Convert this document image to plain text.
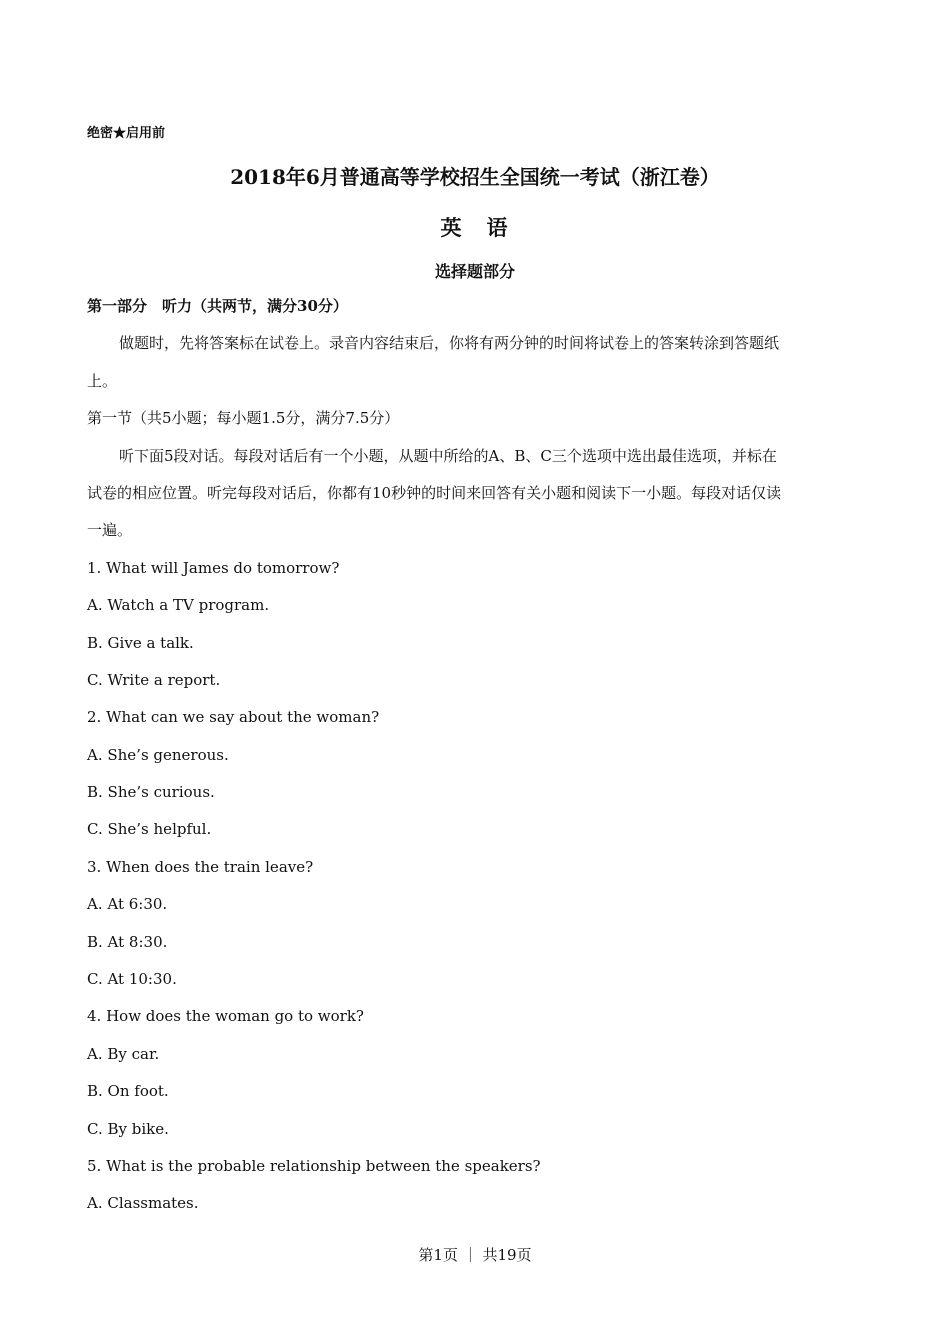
绝密★启用前
2018年6月普通高等学校招生全国统一考试（浙江卷）
英　语
选择题部分
第一部分　听力（共两节，满分30分）
做题时，先将答案标在试卷上。录音内容结束后，你将有两分钟的时间将试卷上的答案转涂到答题纸
上。
第一节（共5小题；每小题1.5分，满分7.5分）
听下面5段对话。每段对话后有一个小题，从题中所给的A、B、C三个选项中选出最佳选项，并标在
试卷的相应位置。听完每段对话后，你都有10秒钟的时间来回答有关小题和阅读下一小题。每段对话仅读
一遍。
1. What will James do tomorrow?
A. Watch a TV program.
B. Give a talk.
C. Write a report.
2. What can we say about the woman?
A. She’s generous.
B. She’s curious.
C. She’s helpful.
3. When does the train leave?
A. At 6:30.
B. At 8:30.
C. At 10:30.
4. How does the woman go to work?
A. By car.
B. On foot.
C. By bike.
5. What is the probable relationship between the speakers?
A. Classmates.
第1页 ｜ 共19页
